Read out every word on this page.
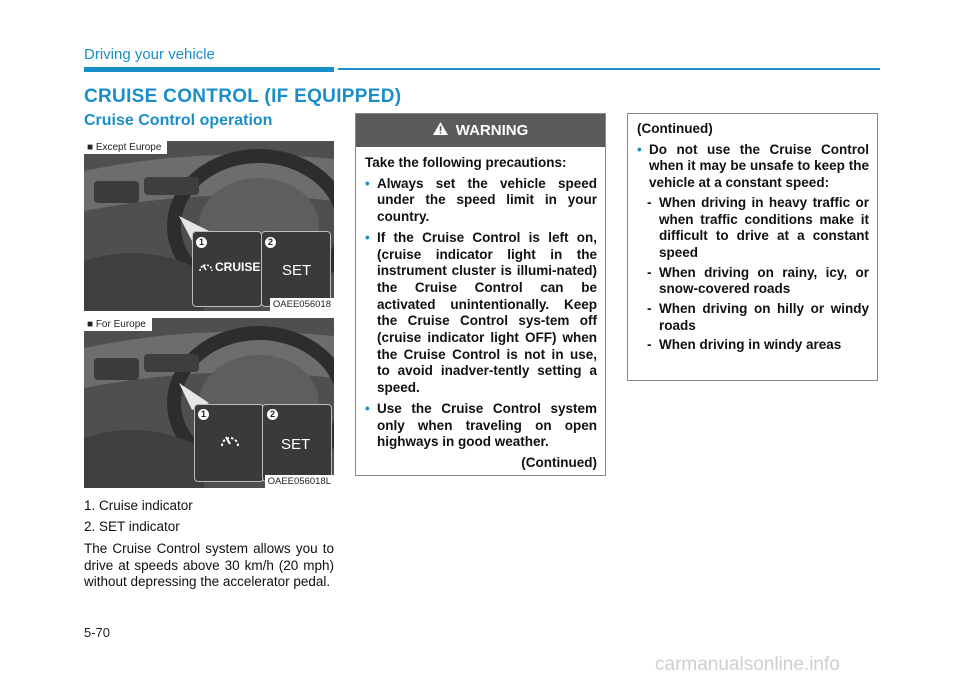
Driving your vehicle
CRUISE CONTROL (IF EQUIPPED)
Cruise Control operation
CRUISE SET
1	2
■ Except Europe
OAEE056018
SET
1	2
■ For Europe
OAEE056018L
1. Cruise indicator
2. SET indicator
The Cruise Control system allows you to drive at speeds above 30 km/h (20 mph) without depressing the accelerator pedal.
WARNING
Take the following precautions:
• Always set the vehicle speed under the speed limit in your country.
• If the Cruise Control is left on, (cruise indicator light in the instrument cluster is illumi-nated) the Cruise Control can be activated unintentionally. Keep the Cruise Control sys-tem off (cruise indicator light OFF) when the Cruise Control is not in use, to avoid inadver-tently setting a speed.
• Use the Cruise Control system only when traveling on open highways in good weather.
(Continued)
(Continued)
• Do not use the Cruise Control when it may be unsafe to keep the vehicle at a constant speed:
- When driving in heavy traffic or when traffic conditions make it difficult to drive at a constant speed
- When driving on rainy, icy, or snow-covered roads
- When driving on hilly or windy roads
- When driving in windy areas
5-70
carmanualsonline.info
